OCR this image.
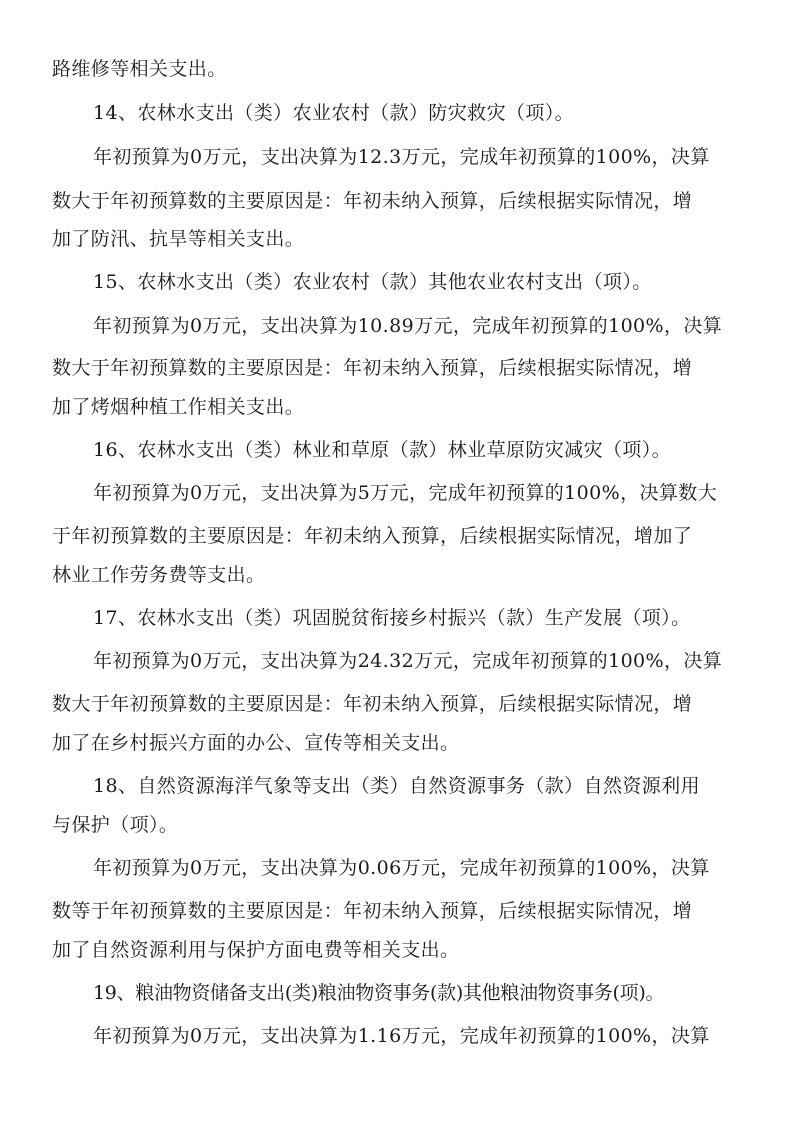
路维修等相关支出。
14、农林水支出（类）农业农村（款）防灾救灾（项）。
年初预算为0万元，支出决算为12.3万元，完成年初预算的100%，决算
数大于年初预算数的主要原因是：年初未纳入预算，后续根据实际情况，增
加了防汛、抗旱等相关支出。
15、农林水支出（类）农业农村（款）其他农业农村支出（项）。
年初预算为0万元，支出决算为10.89万元，完成年初预算的100%，决算
数大于年初预算数的主要原因是：年初未纳入预算，后续根据实际情况，增
加了烤烟种植工作相关支出。
16、农林水支出（类）林业和草原（款）林业草原防灾减灾（项）。
年初预算为0万元，支出决算为5万元，完成年初预算的100%，决算数大
于年初预算数的主要原因是：年初未纳入预算，后续根据实际情况，增加了
林业工作劳务费等支出。
17、农林水支出（类）巩固脱贫衔接乡村振兴（款）生产发展（项）。
年初预算为0万元，支出决算为24.32万元，完成年初预算的100%，决算
数大于年初预算数的主要原因是：年初未纳入预算，后续根据实际情况，增
加了在乡村振兴方面的办公、宣传等相关支出。
18、自然资源海洋气象等支出（类）自然资源事务（款）自然资源利用
与保护（项）。
年初预算为0万元，支出决算为0.06万元，完成年初预算的100%，决算
数等于年初预算数的主要原因是：年初未纳入预算，后续根据实际情况，增
加了自然资源利用与保护方面电费等相关支出。
19、粮油物资储备支出(类)粮油物资事务(款)其他粮油物资事务(项)。
年初预算为0万元，支出决算为1.16万元，完成年初预算的100%，决算
